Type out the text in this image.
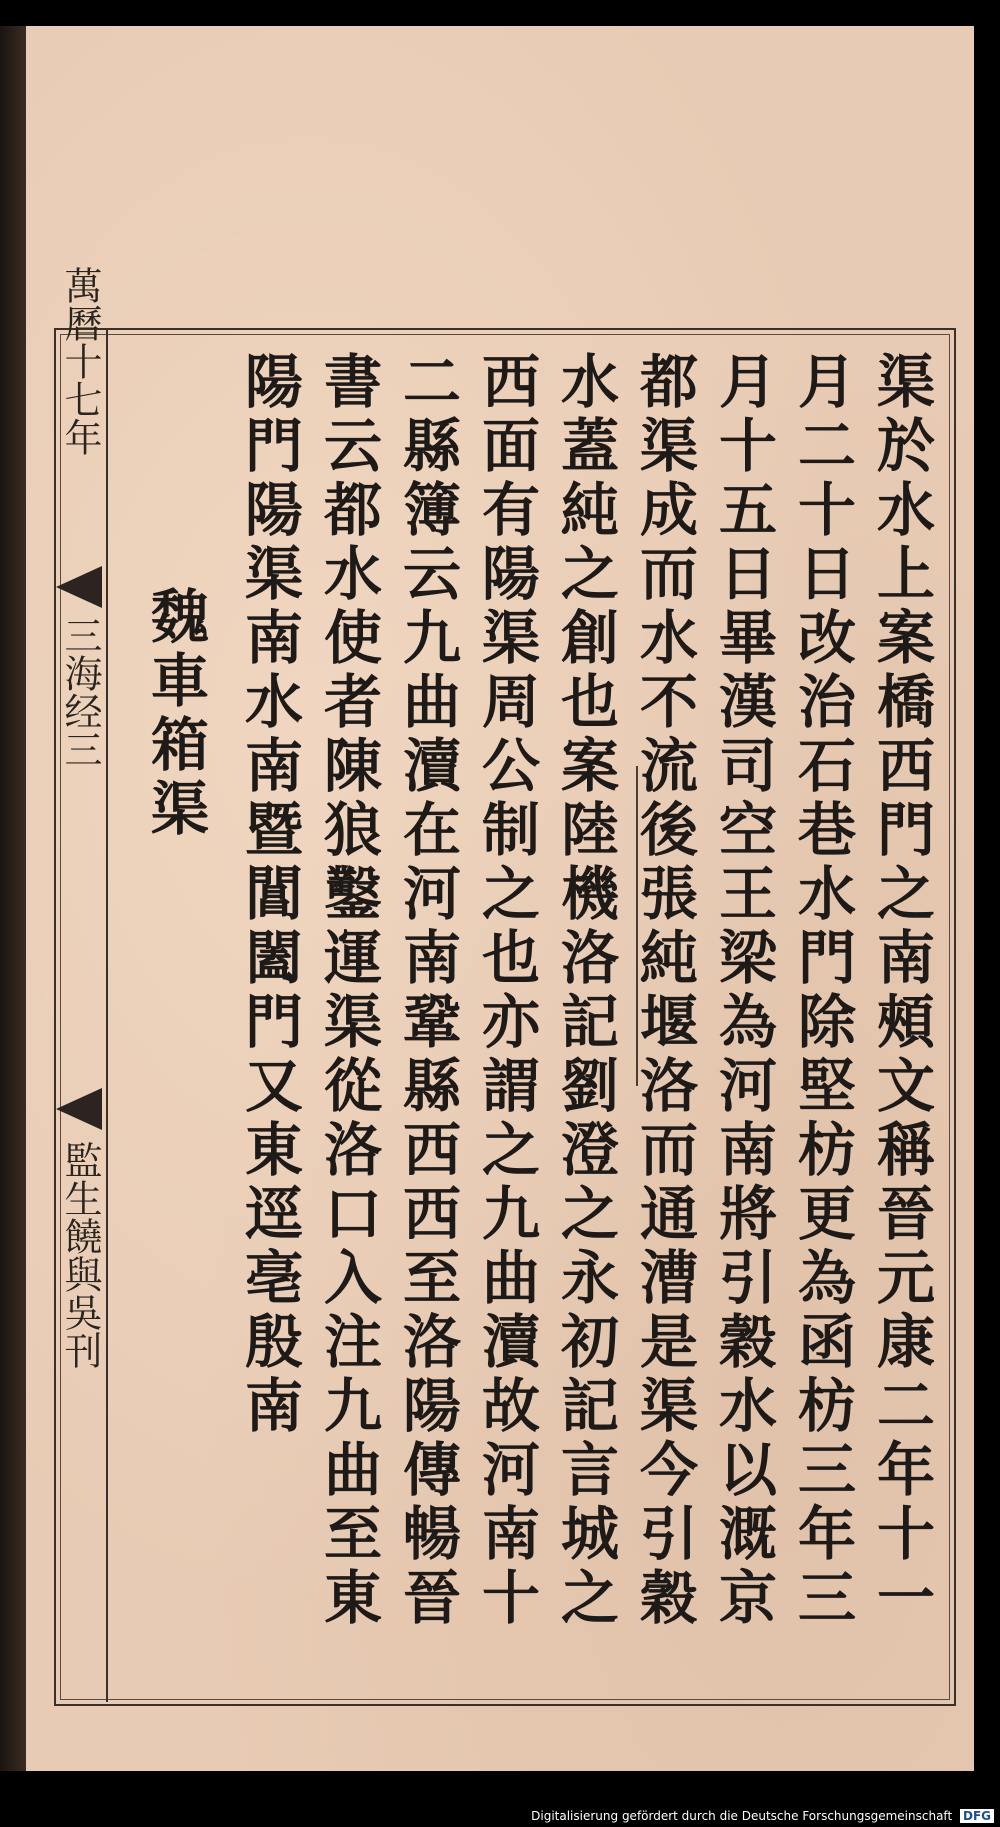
萬曆十七年
三海经三
監生饒與吳刊	渠於水上案橋西門之南頰文稱晉元康二年十一
月二十日改治石巷水門除堅枋更為函枋三年三
月十五日畢漢司空王梁為河南將引穀水以溉京
都渠成而水不流後張純堰洛而通漕是渠今引穀
水蓋純之創也案陸機洛記劉澄之永初記言城之
西面有陽渠周公制之也亦謂之九曲瀆故河南十
二縣簿云九曲瀆在河南鞏縣西西至洛陽傳暢晉
書云都水使者陳狼鑿運渠從洛口入注九曲至東
陽門陽渠南水南暨閶闔門又東逕亳殷南
魏車箱渠
Digitalisierung gefördert durch die Deutsche Forschungsgemeinschaft DFG
